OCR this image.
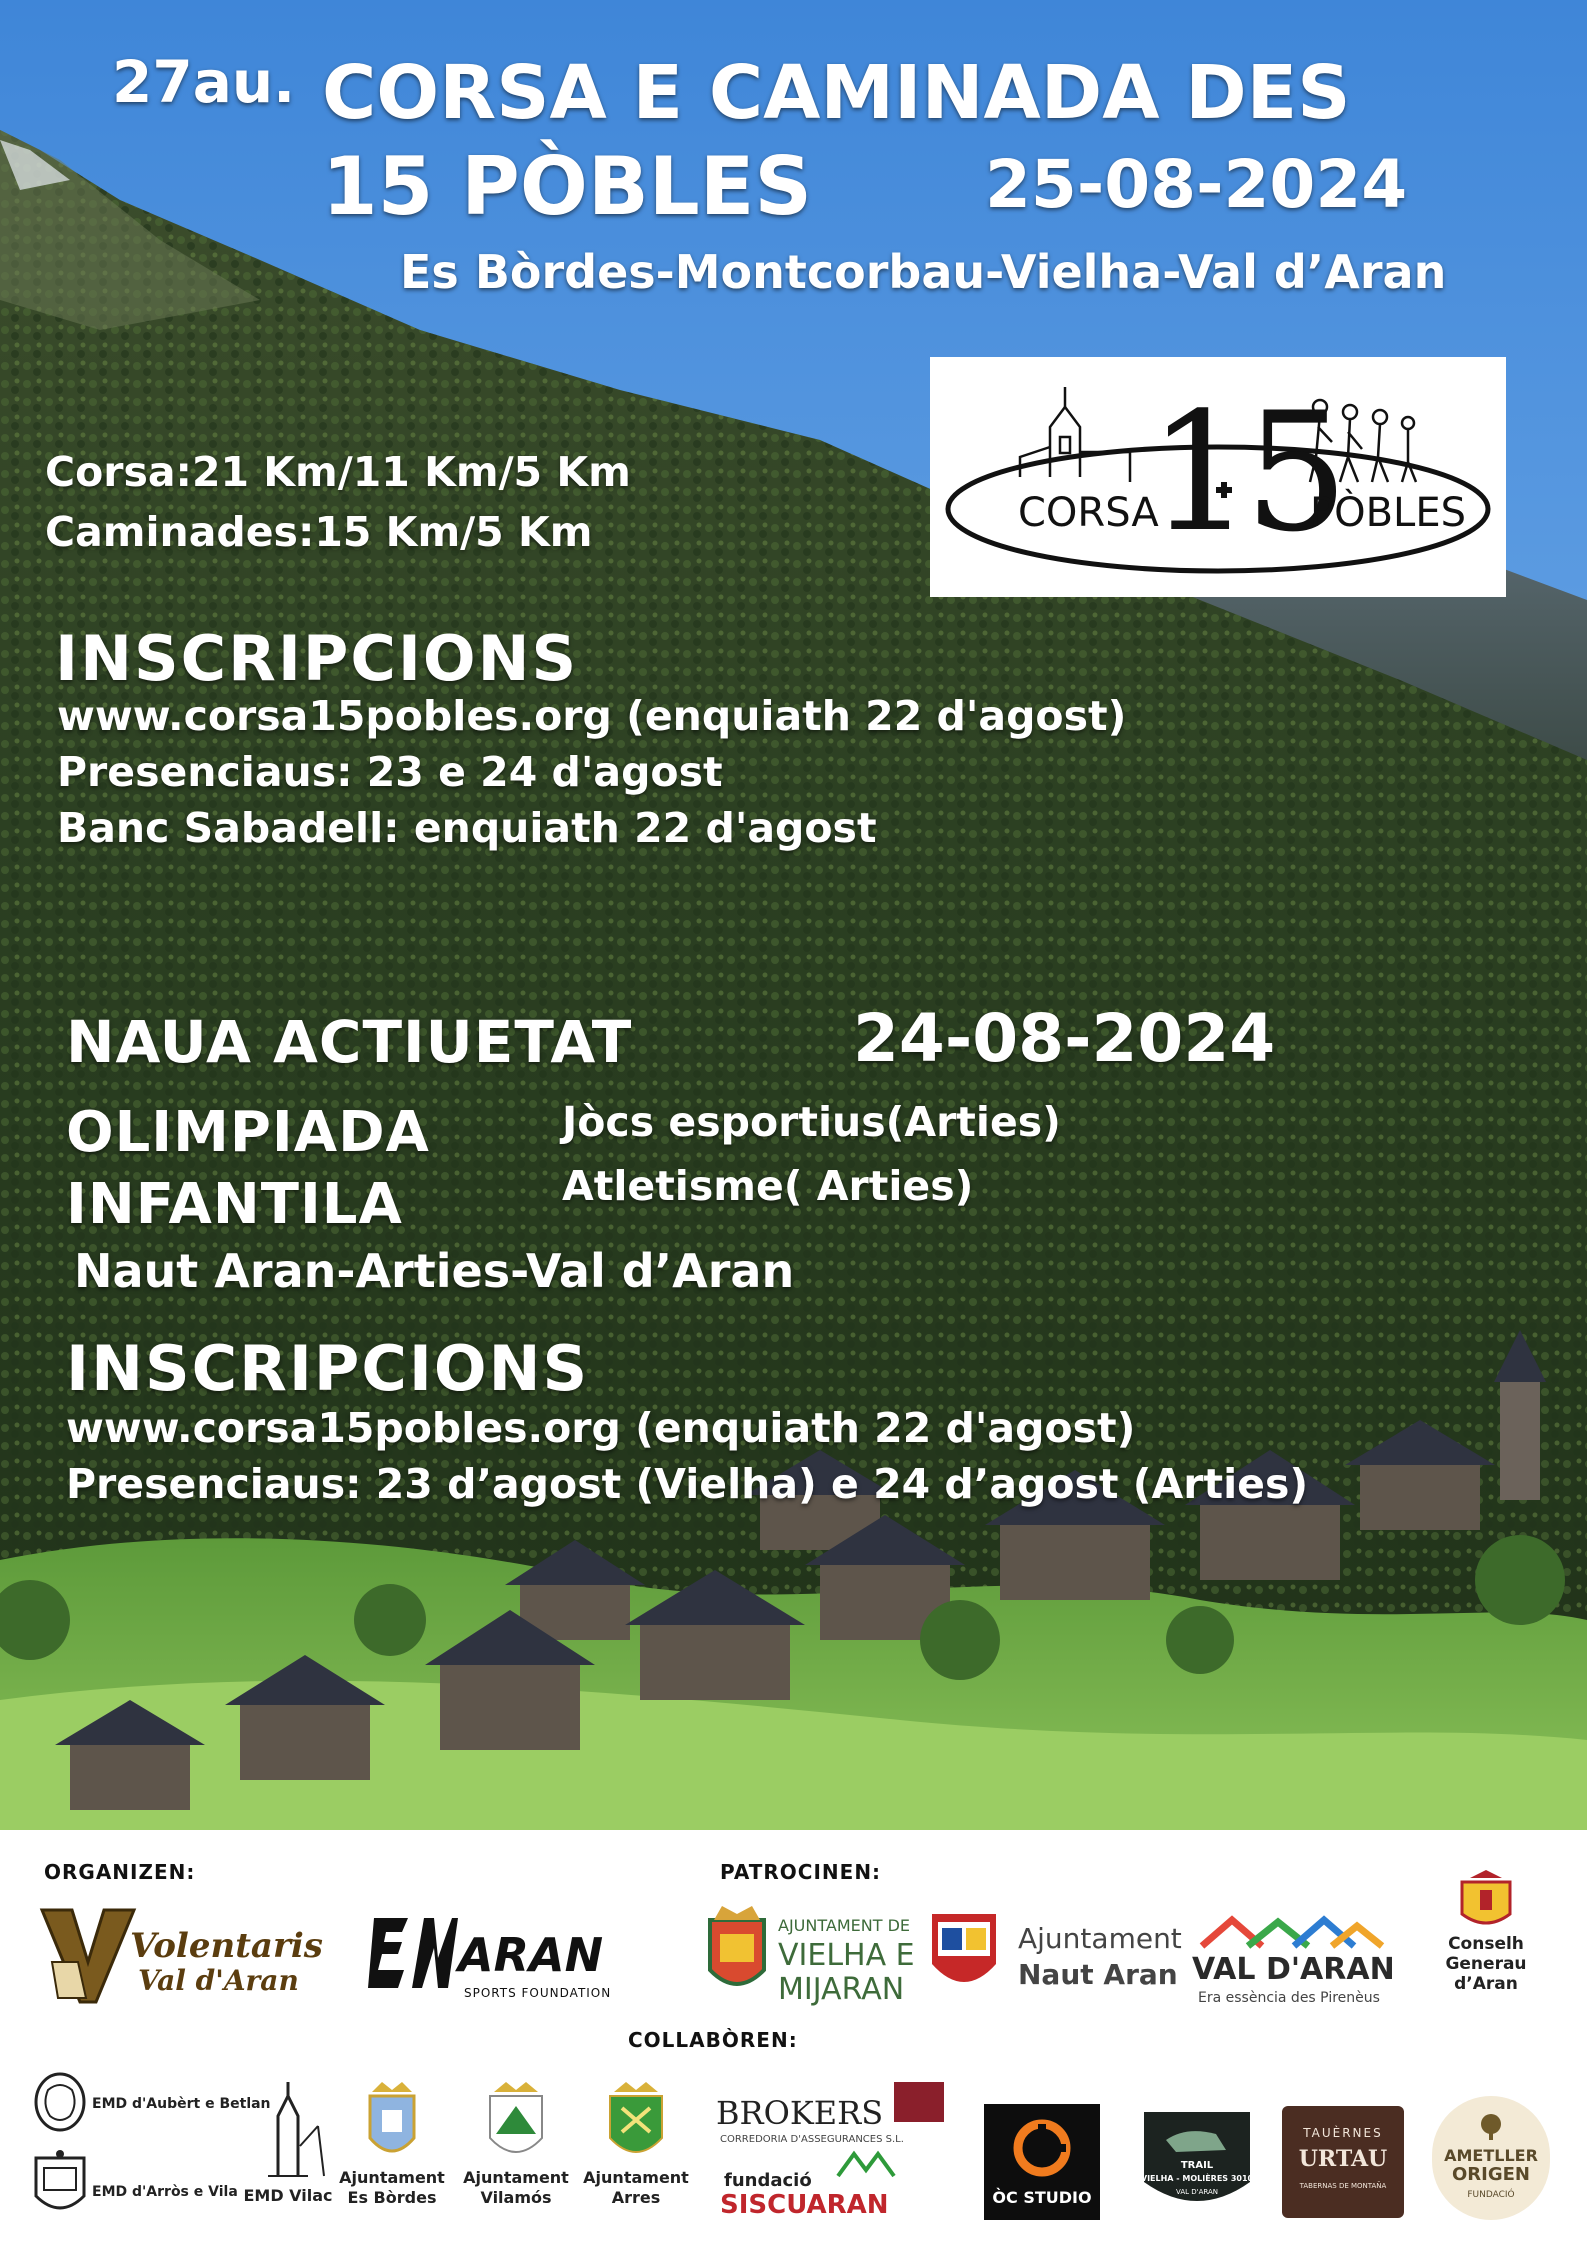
27au. CORSA E CAMINADA DES
15 PÒBLES	25-08-2024
Es Bòrdes-Montcorbau-Vielha-Val d’Aran
Corsa:21 Km/11 Km/5 Km
Caminades:15 Km/5 Km	CORSA
15
PÒBLES
INSCRIPCIONS
www.corsa15pobles.org (enquiath 22 d'agost)
Presenciaus: 23 e 24 d'agost
Banc Sabadell: enquiath 22 d'agost
NAUA ACTIUETAT	24-08-2024
OLIMPIADA
INFANTILA
Jòcs esportius(Arties)
Atletisme( Arties)
Naut Aran-Arties-Val d’Aran
INSCRIPCIONS
www.corsa15pobles.org (enquiath 22 d'agost)
Presenciaus: 23 d’agost (Vielha) e 24 d’agost (Arties)
ORGANIZEN:	PATROCINEN:
COLLABÒREN:
Volentaris
Val d'Aran	ARAN
SPORTS FOUNDATION
AJUNTAMENT DE
VIELHA E
MIJARAN
Ajuntament
Naut Aran VAL D'ARAN
Era essència des Pirenèus
Conselh
Generau
d’Aran
EMD d'Aubèrt e Betlan
EMD d'Arròs e Vila EMD Vilac
Ajuntament
Es Bòrdes
Ajuntament
Vilamós
Ajuntament
Arres
BROKERS
CORREDORIA D'ASSEGURANCES S.L.
fundació
SISCUARAN	ÒC STUDIO
TRAIL
VIELHA - MOLIÈRES 3010
VAL D'ARAN
TAUÈRNES
URTAU
TABERNAS DE MONTAÑA
AMETLLER
ORIGEN
FUNDACIÓ
